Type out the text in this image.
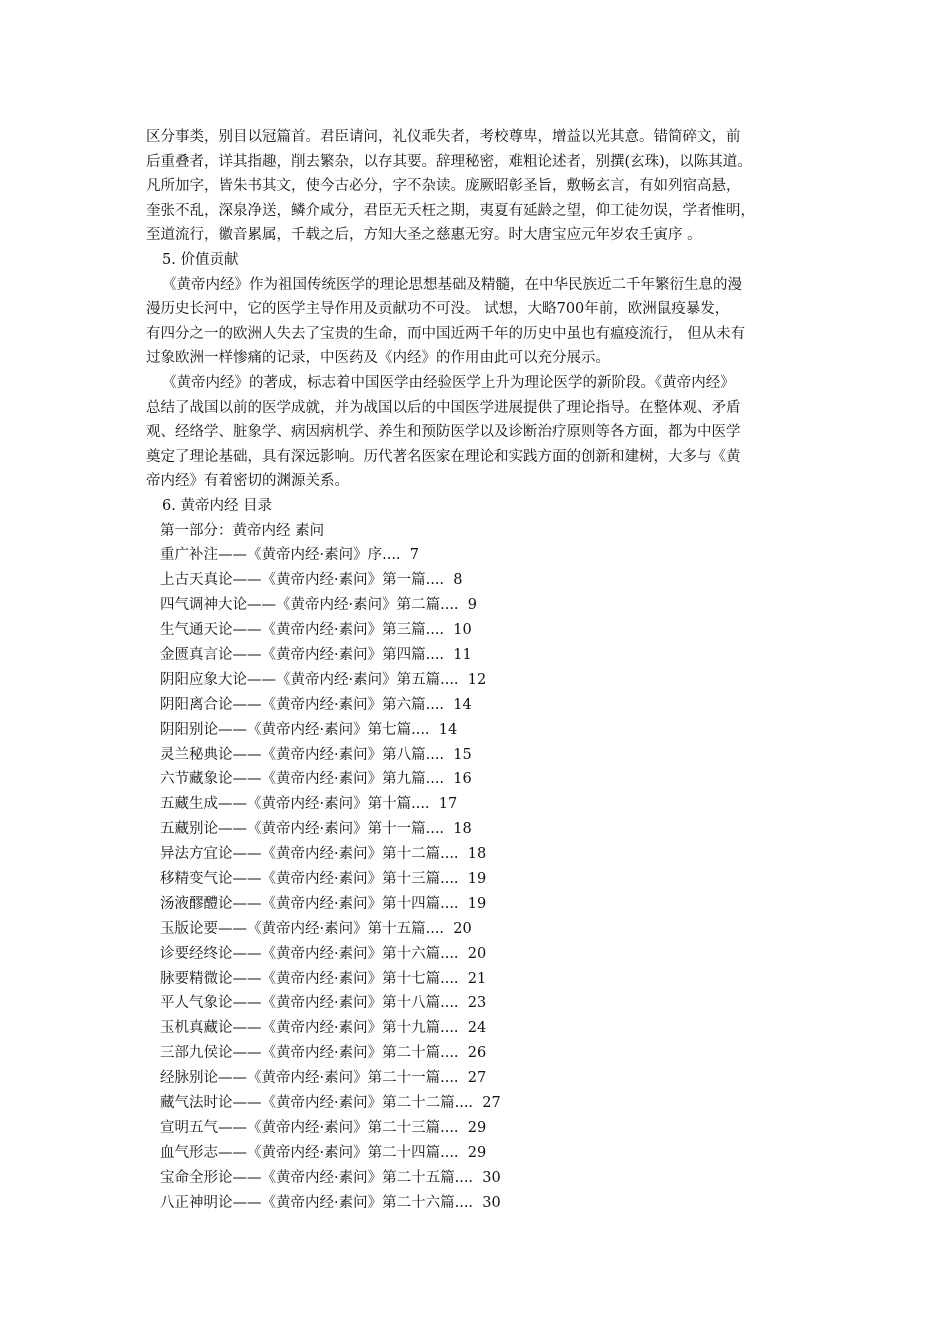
区分事类，别目以冠篇首。君臣请问，礼仪乖失者，考校尊卑，增益以光其意。错简碎文，前
后重叠者，详其指趣，削去繁杂，以存其要。辞理秘密，难粗论述者，别撰(玄珠)，以陈其道。
凡所加字，皆朱书其文，使今古必分，字不杂读。庞厥昭彰圣旨，敷畅玄言，有如列宿高悬，
奎张不乱，深泉净送，鳞介咸分，君臣无夭枉之期，夷夏有延龄之望，仰工徒勿误，学者惟明，
至道流行，徽音累属，千载之后，方知大圣之慈惠无穷。时大唐宝应元年岁农壬寅序 。
5. 价值贡献
《黄帝内经》作为祖国传统医学的理论思想基础及精髓，在中华民族近二千年繁衍生息的漫
漫历史长河中，它的医学主导作用及贡献功不可没。 试想，大略700年前，欧洲鼠疫暴发，
有四分之一的欧洲人失去了宝贵的生命，而中国近两千年的历史中虽也有瘟疫流行， 但从未有
过象欧洲一样惨痛的记录，中医药及《内经》的作用由此可以充分展示。
《黄帝内经》的著成，标志着中国医学由经验医学上升为理论医学的新阶段。《黄帝内经》
总结了战国以前的医学成就，并为战国以后的中国医学进展提供了理论指导。在整体观、矛盾
观、经络学、脏象学、病因病机学、养生和预防医学以及诊断治疗原则等各方面，都为中医学
奠定了理论基础，具有深远影响。历代著名医家在理论和实践方面的创新和建树，大多与《黄
帝内经》有着密切的渊源关系。
6. 黄帝内经 目录
第一部分：黄帝内经 素问
重广补注——《黄帝内经·素问》序....  7
上古天真论——《黄帝内经·素问》第一篇....  8
四气调神大论——《黄帝内经·素问》第二篇....  9
生气通天论——《黄帝内经·素问》第三篇....  10
金匮真言论——《黄帝内经·素问》第四篇....  11
阴阳应象大论——《黄帝内经·素问》第五篇....  12
阴阳离合论——《黄帝内经·素问》第六篇....  14
阴阳别论——《黄帝内经·素问》第七篇....  14
灵兰秘典论——《黄帝内经·素问》第八篇....  15
六节藏象论——《黄帝内经·素问》第九篇....  16
五藏生成——《黄帝内经·素问》第十篇....  17
五藏别论——《黄帝内经·素问》第十一篇....  18
异法方宜论——《黄帝内经·素问》第十二篇....  18
移精变气论——《黄帝内经·素问》第十三篇....  19
汤液醪醴论——《黄帝内经·素问》第十四篇....  19
玉版论要——《黄帝内经·素问》第十五篇....  20
诊要经终论——《黄帝内经·素问》第十六篇....  20
脉要精微论——《黄帝内经·素问》第十七篇....  21
平人气象论——《黄帝内经·素问》第十八篇....  23
玉机真藏论——《黄帝内经·素问》第十九篇....  24
三部九侯论——《黄帝内经·素问》第二十篇....  26
经脉别论——《黄帝内经·素问》第二十一篇....  27
藏气法时论——《黄帝内经·素问》第二十二篇....  27
宣明五气——《黄帝内经·素问》第二十三篇....  29
血气形志——《黄帝内经·素问》第二十四篇....  29
宝命全形论——《黄帝内经·素问》第二十五篇....  30
八正神明论——《黄帝内经·素问》第二十六篇....  30
